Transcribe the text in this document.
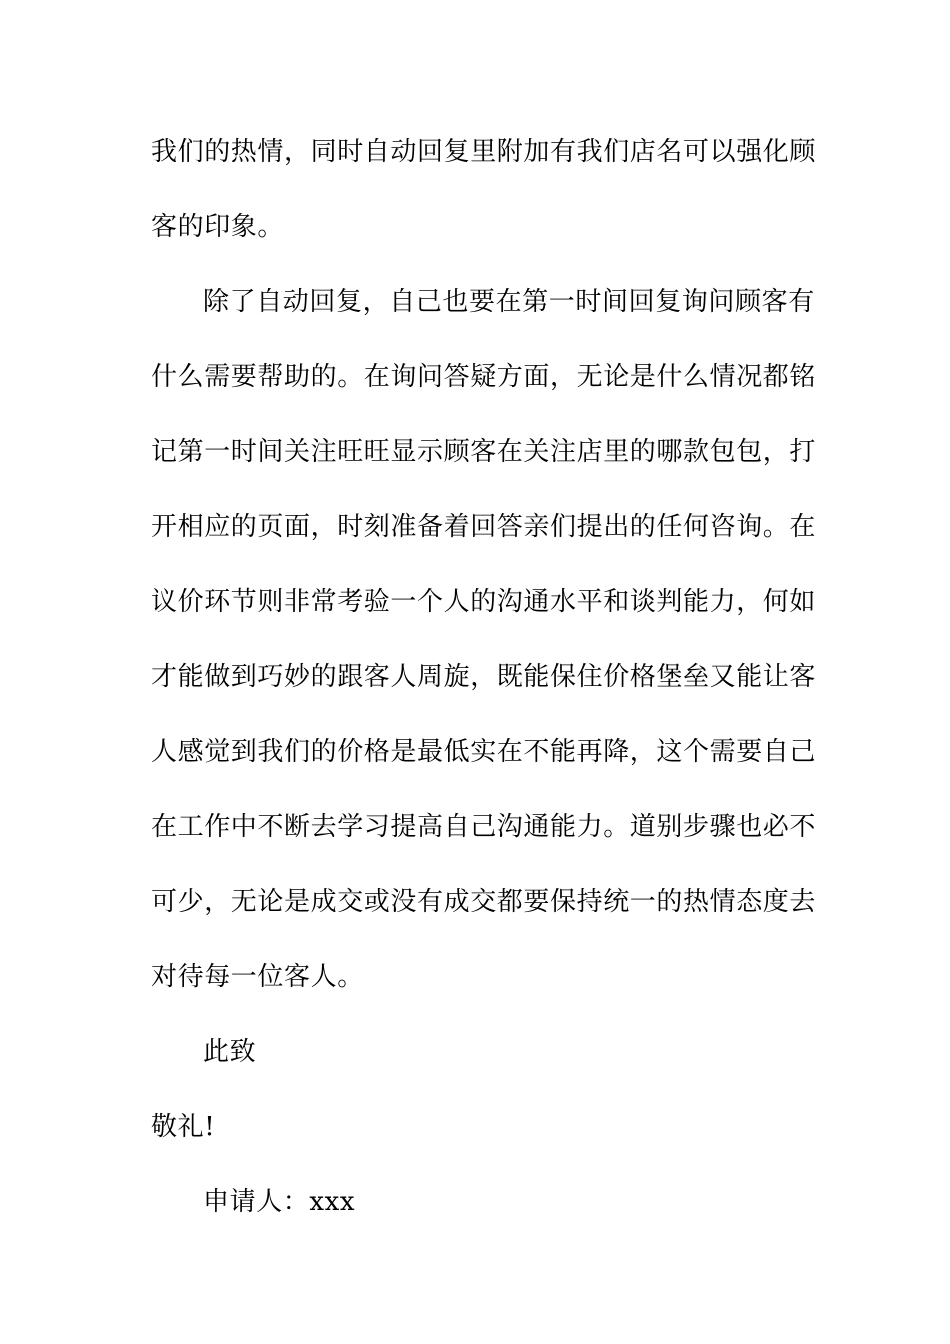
我们的热情，同时自动回复里附加有我们店名可以强化顾
客的印象。
除了自动回复，自己也要在第一时间回复询问顾客有
什么需要帮助的。在询问答疑方面，无论是什么情况都铭
记第一时间关注旺旺显示顾客在关注店里的哪款包包，打
开相应的页面，时刻准备着回答亲们提出的任何咨询。在
议价环节则非常考验一个人的沟通水平和谈判能力，何如
才能做到巧妙的跟客人周旋，既能保住价格堡垒又能让客
人感觉到我们的价格是最低实在不能再降，这个需要自己
在工作中不断去学习提高自己沟通能力。道别步骤也必不
可少，无论是成交或没有成交都要保持统一的热情态度去
对待每一位客人。
此致
敬礼!
申请人：xxx
